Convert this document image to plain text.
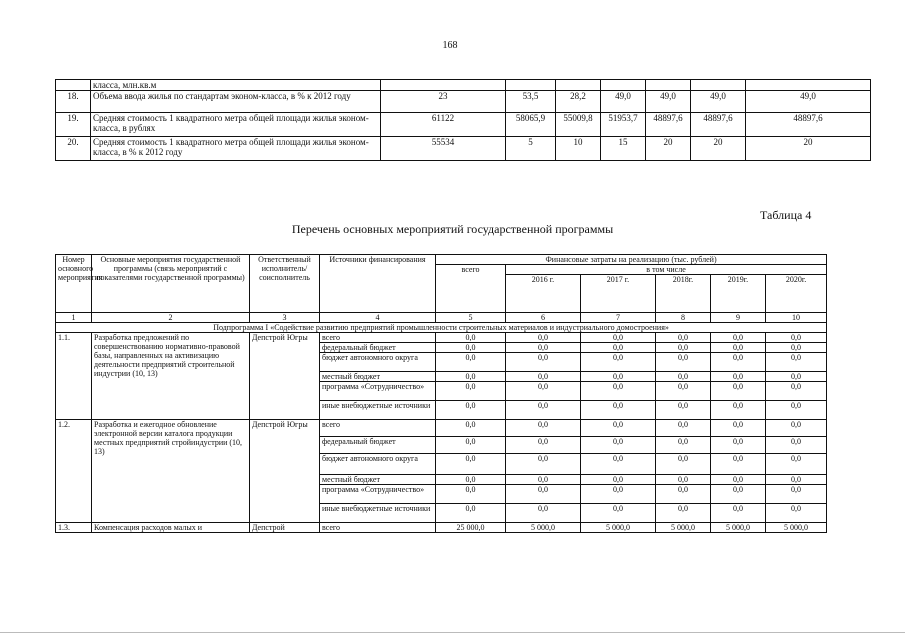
168
	класса, млн.кв.м							
18.	Объема ввода жилья по стандартам эконом-класса, в % к 2012 году	23	53,5	28,2	49,0	49,0	49,0	49,0
19.	Средняя стоимость 1 квадратного метра общей площади жилья эконом-класса, в рублях	61122	58065,9	55009,8	51953,7	48897,6	48897,6	48897,6
20.	Средняя стоимость 1 квадратного метра общей площади жилья эконом-класса, в % к 2012 году	55534	5	10	15	20	20	20
Таблица 4
Перечень основных мероприятий государственной программы
Номер основного мероприятия	Основные мероприятия государственной программы (связь мероприятий с показателями государственной программы)	Ответственный исполнитель/ соисполнитель	Источники финансирования	Финансовые затраты на реализацию (тыс. рублей)					
				всего	в том числе				
					2016 г.	2017 г.	2018г.	2019г.	2020г.
1	2	3	4	5	6	7	8	9	10
Подпрограмма I «Содействие развитию предприятий промышленности строительных материалов и индустриального домостроения»									
1.1.	Разработка предложений по совершенствованию нормативно-правовой базы, направленных на активизацию деятельности предприятий строительной индустрии (10, 13)	Депстрой Югры	всего	0,0	0,0	0,0	0,0	0,0	0,0
			федеральный бюджет	0,0	0,0	0,0	0,0	0,0	0,0
			бюджет автономного округа	0,0	0,0	0,0	0,0	0,0	0,0
			местный бюджет	0,0	0,0	0,0	0,0	0,0	0,0
			программа «Сотрудничество»	0,0	0,0	0,0	0,0	0,0	0,0
			иные внебюджетные источники	0,0	0,0	0,0	0,0	0,0	0,0
1.2.	Разработка и ежегодное обновление электронной версии каталога продукции местных предприятий стройиндустрии (10, 13)	Депстрой Югры	всего	0,0	0,0	0,0	0,0	0,0	0,0
			федеральный бюджет	0,0	0,0	0,0	0,0	0,0	0,0
			бюджет автономного округа	0,0	0,0	0,0	0,0	0,0	0,0
			местный бюджет	0,0	0,0	0,0	0,0	0,0	0,0
			программа «Сотрудничество»	0,0	0,0	0,0	0,0	0,0	0,0
			иные внебюджетные источники	0,0	0,0	0,0	0,0	0,0	0,0
1.3.	Компенсация расходов малых и	Депстрой	всего	25 000,0	5 000,0	5 000,0	5 000,0	5 000,0	5 000,0
